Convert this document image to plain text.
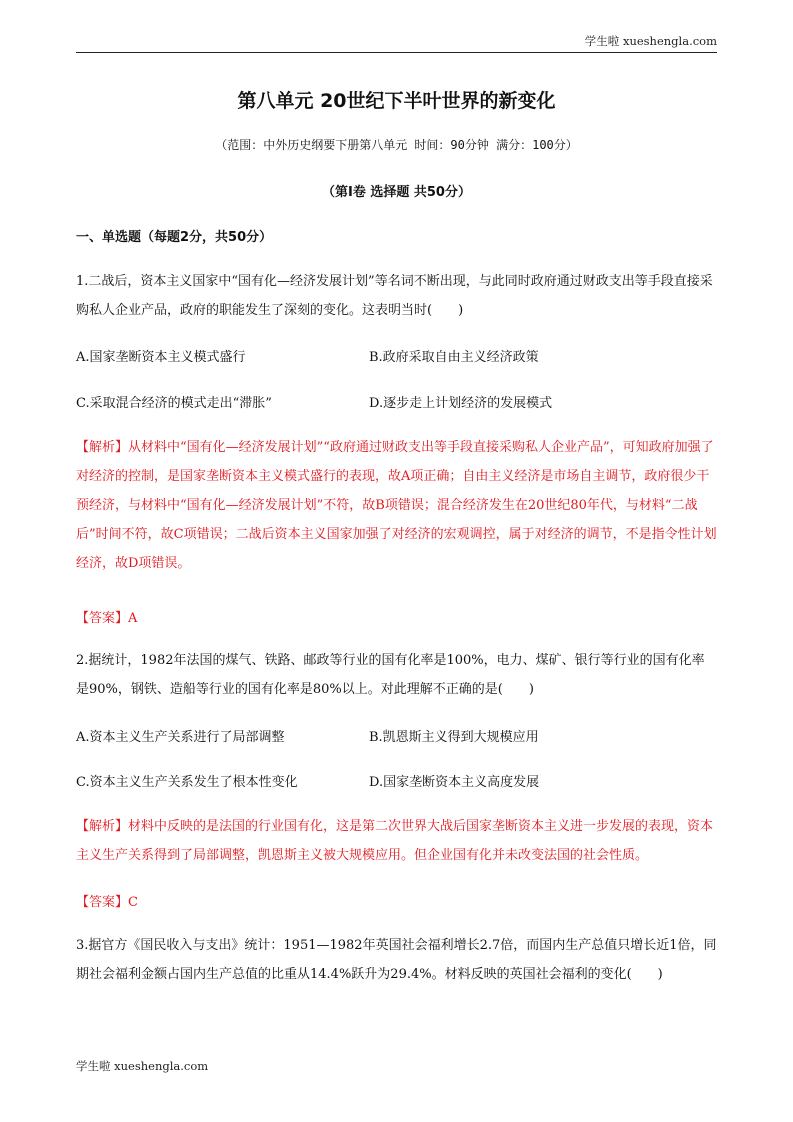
学生啦 xueshengla.com
第八单元 20世纪下半叶世界的新变化
（范围：中外历史纲要下册第八单元 时间：90分钟 满分：100分）
（第Ⅰ卷 选择题 共50分）
一、单选题（每题2分，共50分）
1.二战后，资本主义国家中“国有化—经济发展计划”等名词不断出现，与此同时政府通过财政支出等手段直接采购私人企业产品，政府的职能发生了深刻的变化。这表明当时(　　)
A.国家垄断资本主义模式盛行	B.政府采取自由主义经济政策
C.采取混合经济的模式走出“滞胀”	D.逐步走上计划经济的发展模式
【解析】从材料中“国有化—经济发展计划”“政府通过财政支出等手段直接采购私人企业产品”，可知政府加强了对经济的控制，是国家垄断资本主义模式盛行的表现，故A项正确；自由主义经济是市场自主调节，政府很少干预经济，与材料中“国有化—经济发展计划”不符，故B项错误；混合经济发生在20世纪80年代，与材料“二战后”时间不符，故C项错误；二战后资本主义国家加强了对经济的宏观调控，属于对经济的调节，不是指令性计划经济，故D项错误。
【答案】A
2.据统计，1982年法国的煤气、铁路、邮政等行业的国有化率是100%，电力、煤矿、银行等行业的国有化率是90%，钢铁、造船等行业的国有化率是80%以上。对此理解不正确的是(　　)
A.资本主义生产关系进行了局部调整	B.凯恩斯主义得到大规模应用
C.资本主义生产关系发生了根本性变化	D.国家垄断资本主义高度发展
【解析】材料中反映的是法国的行业国有化，这是第二次世界大战后国家垄断资本主义进一步发展的表现，资本主义生产关系得到了局部调整，凯恩斯主义被大规模应用。但企业国有化并未改变法国的社会性质。
【答案】C
3.据官方《国民收入与支出》统计：1951—1982年英国社会福利增长2.7倍，而国内生产总值只增长近1倍，同期社会福利金额占国内生产总值的比重从14.4%跃升为29.4%。材料反映的英国社会福利的变化(　　)
学生啦 xueshengla.com
